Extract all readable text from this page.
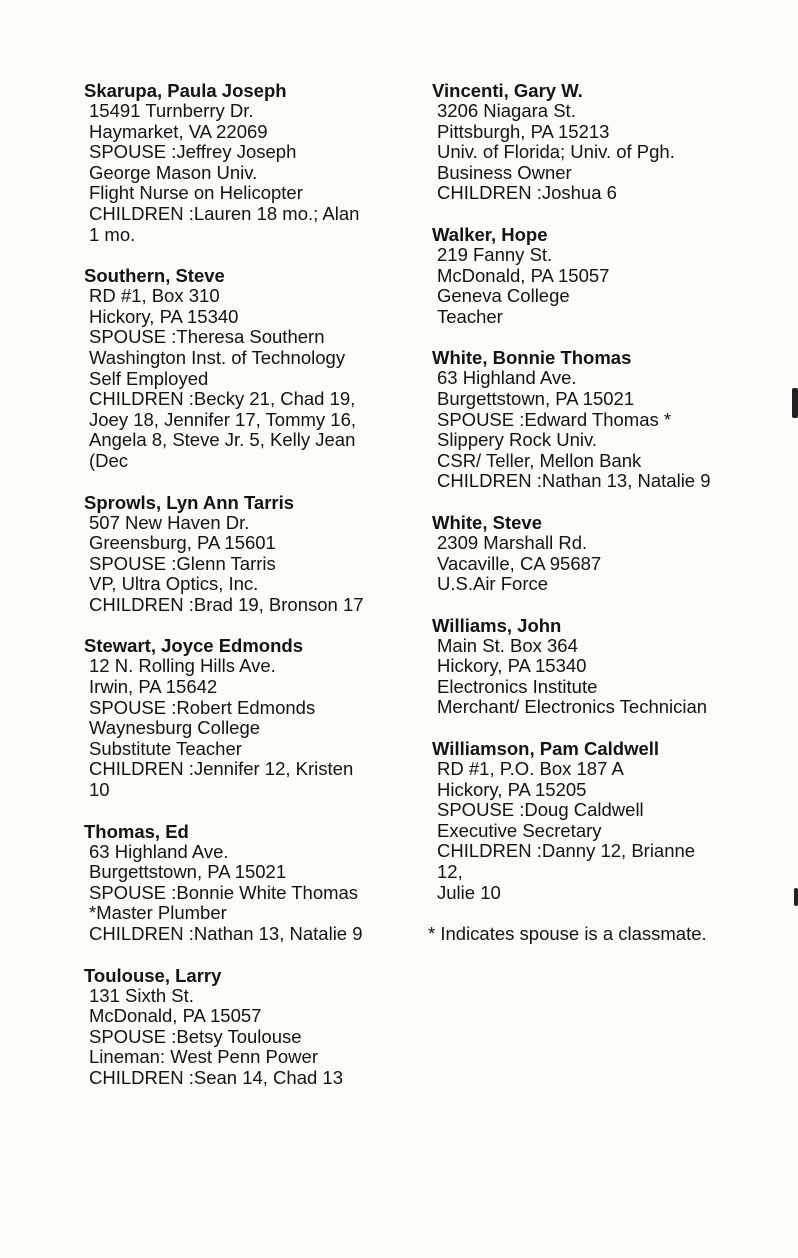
Skarupa, Paula Joseph
15491 Turnberry Dr.
Haymarket, VA 22069
SPOUSE :Jeffrey Joseph
George Mason Univ.
Flight Nurse on Helicopter
CHILDREN :Lauren 18 mo.; Alan
1 mo.
Southern, Steve
RD #1, Box 310
Hickory, PA 15340
SPOUSE :Theresa Southern
Washington Inst. of Technology
Self Employed
CHILDREN :Becky 21, Chad 19,
Joey 18, Jennifer 17, Tommy 16,
Angela 8, Steve Jr. 5, Kelly Jean
(Dec
Sprowls, Lyn Ann Tarris
507 New Haven Dr.
Greensburg, PA 15601
SPOUSE :Glenn Tarris
VP, Ultra Optics, Inc.
CHILDREN :Brad 19, Bronson 17
Stewart, Joyce Edmonds
12 N. Rolling Hills Ave.
Irwin, PA 15642
SPOUSE :Robert Edmonds
Waynesburg College
Substitute Teacher
CHILDREN :Jennifer 12, Kristen
10
Thomas, Ed
63 Highland Ave.
Burgettstown, PA 15021
SPOUSE :Bonnie White Thomas
*Master Plumber
CHILDREN :Nathan 13, Natalie 9
Toulouse, Larry
131 Sixth St.
McDonald, PA 15057
SPOUSE :Betsy Toulouse
Lineman: West Penn Power
CHILDREN :Sean 14, Chad 13
Vincenti, Gary W.
3206 Niagara St.
Pittsburgh, PA 15213
Univ. of Florida; Univ. of Pgh.
Business Owner
CHILDREN :Joshua 6
Walker, Hope
219 Fanny St.
McDonald, PA 15057
Geneva College
Teacher
White, Bonnie Thomas
63 Highland Ave.
Burgettstown, PA 15021
SPOUSE :Edward Thomas *
Slippery Rock Univ.
CSR/ Teller, Mellon Bank
CHILDREN :Nathan 13, Natalie 9
White, Steve
2309 Marshall Rd.
Vacaville, CA 95687
U.S.Air Force
Williams, John
Main St. Box 364
Hickory, PA 15340
Electronics Institute
Merchant/ Electronics Technician
Williamson, Pam Caldwell
RD #1, P.O. Box 187 A
Hickory, PA 15205
SPOUSE :Doug Caldwell
Executive Secretary
CHILDREN :Danny 12, Brianne
12,
Julie 10
* Indicates spouse is a classmate.
